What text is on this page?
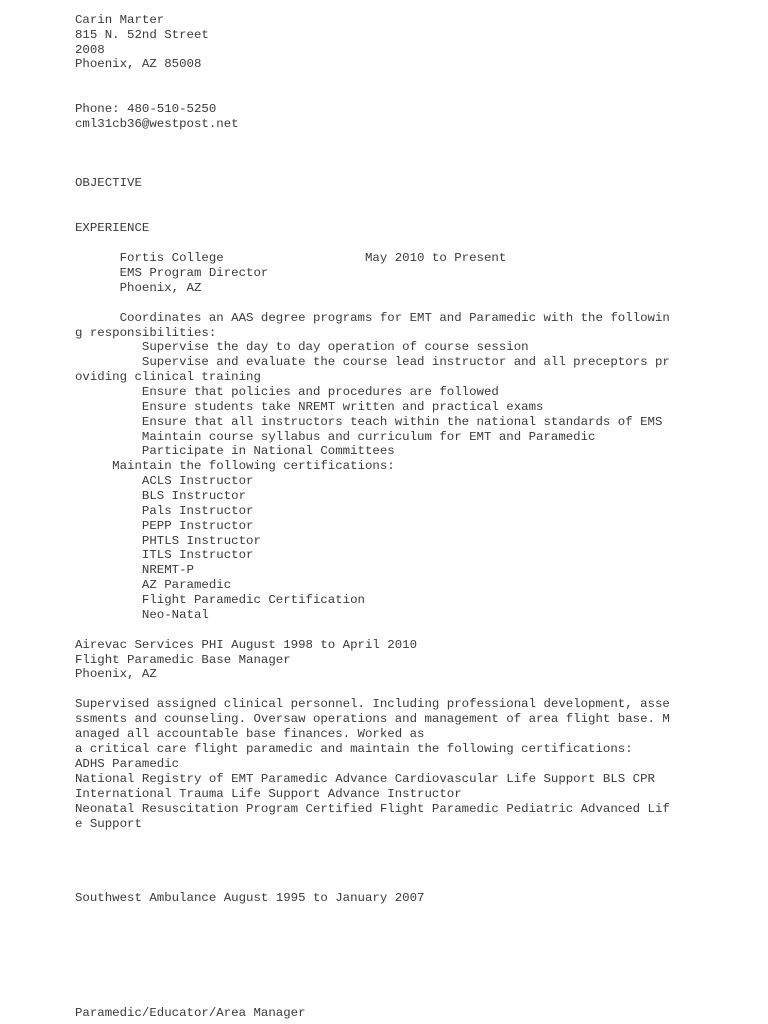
Carin Marter
815 N. 52nd Street
2008
Phoenix, AZ 85008
Phone: 480-510-5250
cml31cb36@westpost.net
OBJECTIVE
EXPERIENCE
Fortis College                   May 2010 to Present
EMS Program Director
Phoenix, AZ
Coordinates an AAS degree programs for EMT and Paramedic with the followin
g responsibilities:
Supervise the day to day operation of course session
Supervise and evaluate the course lead instructor and all preceptors pr
oviding clinical training
Ensure that policies and procedures are followed
Ensure students take NREMT written and practical exams
Ensure that all instructors teach within the national standards of EMS
Maintain course syllabus and curriculum for EMT and Paramedic
Participate in National Committees
Maintain the following certifications:
ACLS Instructor
BLS Instructor
Pals Instructor
PEPP Instructor
PHTLS Instructor
ITLS Instructor
NREMT-P
AZ Paramedic
Flight Paramedic Certification
Neo-Natal
Airevac Services PHI August 1998 to April 2010
Flight Paramedic Base Manager
Phoenix, AZ
Supervised assigned clinical personnel. Including professional development, asse
ssments and counseling. Oversaw operations and management of area flight base. M
anaged all accountable base finances. Worked as
a critical care flight paramedic and maintain the following certifications:
ADHS Paramedic
National Registry of EMT Paramedic Advance Cardiovascular Life Support BLS CPR
International Trauma Life Support Advance Instructor
Neonatal Resuscitation Program Certified Flight Paramedic Pediatric Advanced Lif
e Support
Southwest Ambulance August 1995 to January 2007
Paramedic/Educator/Area Manager
